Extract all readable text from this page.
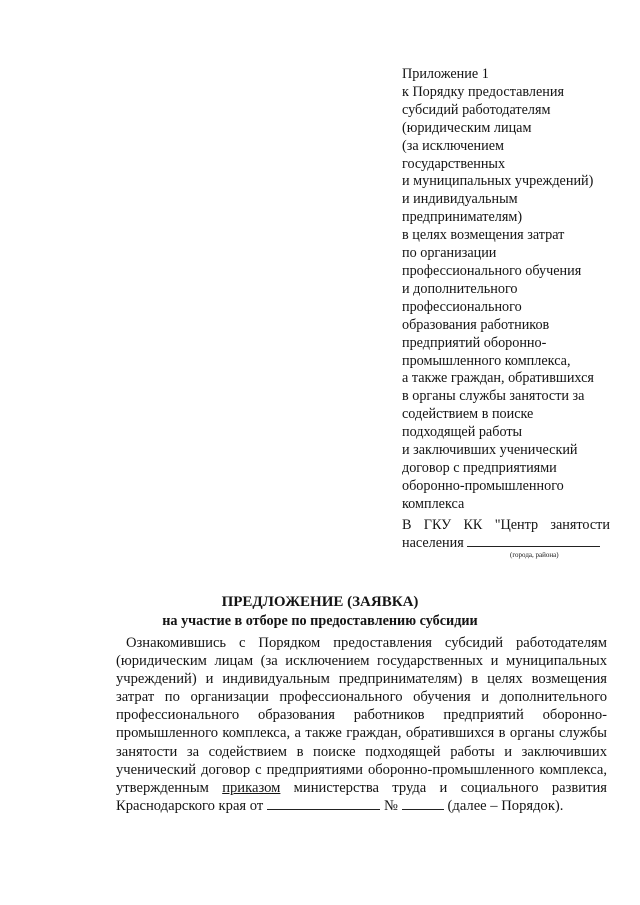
Приложение 1
к Порядку предоставления
субсидий работодателям
(юридическим лицам
(за исключением
государственных
и муниципальных учреждений)
и индивидуальным
предпринимателям)
в целях возмещения затрат
по организации
профессионального обучения
и дополнительного
профессионального
образования работников
предприятий оборонно-
промышленного комплекса,
а также граждан, обратившихся
в органы службы занятости за
содействием в поиске
подходящей работы
и заключивших ученический
договор с предприятиями
оборонно-промышленного
комплекса
В ГКУ КК "Центр занятости
населения
(города, района)
ПРЕДЛОЖЕНИЕ (ЗАЯВКА)
на участие в отборе по предоставлению субсидии
Ознакомившись с Порядком предоставления субсидий работодателям
(юридическим лицам (за исключением государственных и муниципальных
учреждений) и индивидуальным предпринимателям) в целях возмещения
затрат по организации профессионального обучения и дополнительного
профессионального образования работников предприятий оборонно-
промышленного комплекса, а также граждан, обратившихся в органы службы
занятости за содействием в поиске подходящей работы и заключивших
ученический договор с предприятиями оборонно-промышленного комплекса,
утвержденным приказом министерства труда и социального развития
Краснодарского края от	№	(далее – Порядок).
